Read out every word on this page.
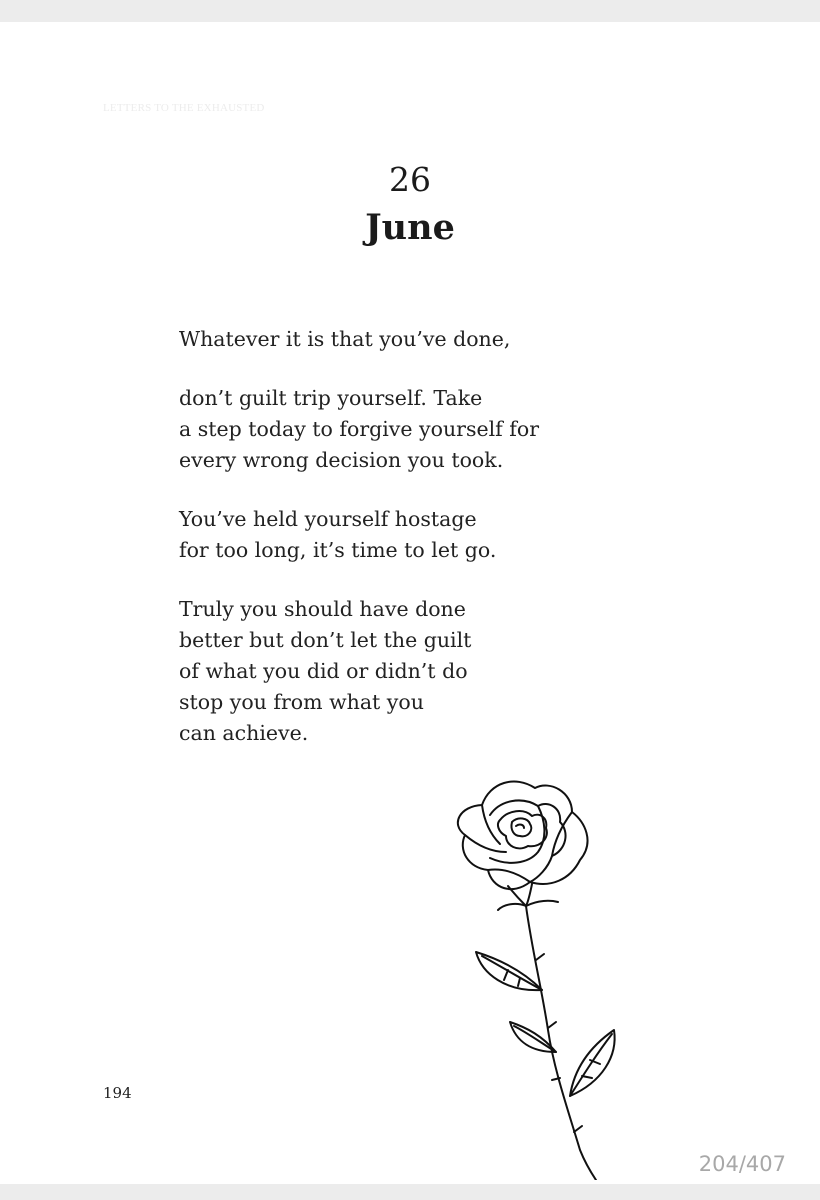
LETTERS TO THE EXHAUSTED
26
June
Whatever it is that you’ve done,
don’t guilt trip yourself. Take
a step today to forgive yourself for
every wrong decision you took.
You’ve held yourself hostage
for too long, it’s time to let go.
Truly you should have done
better but don’t let the guilt
of what you did or didn’t do
stop you from what you
can achieve.
194
204/407
